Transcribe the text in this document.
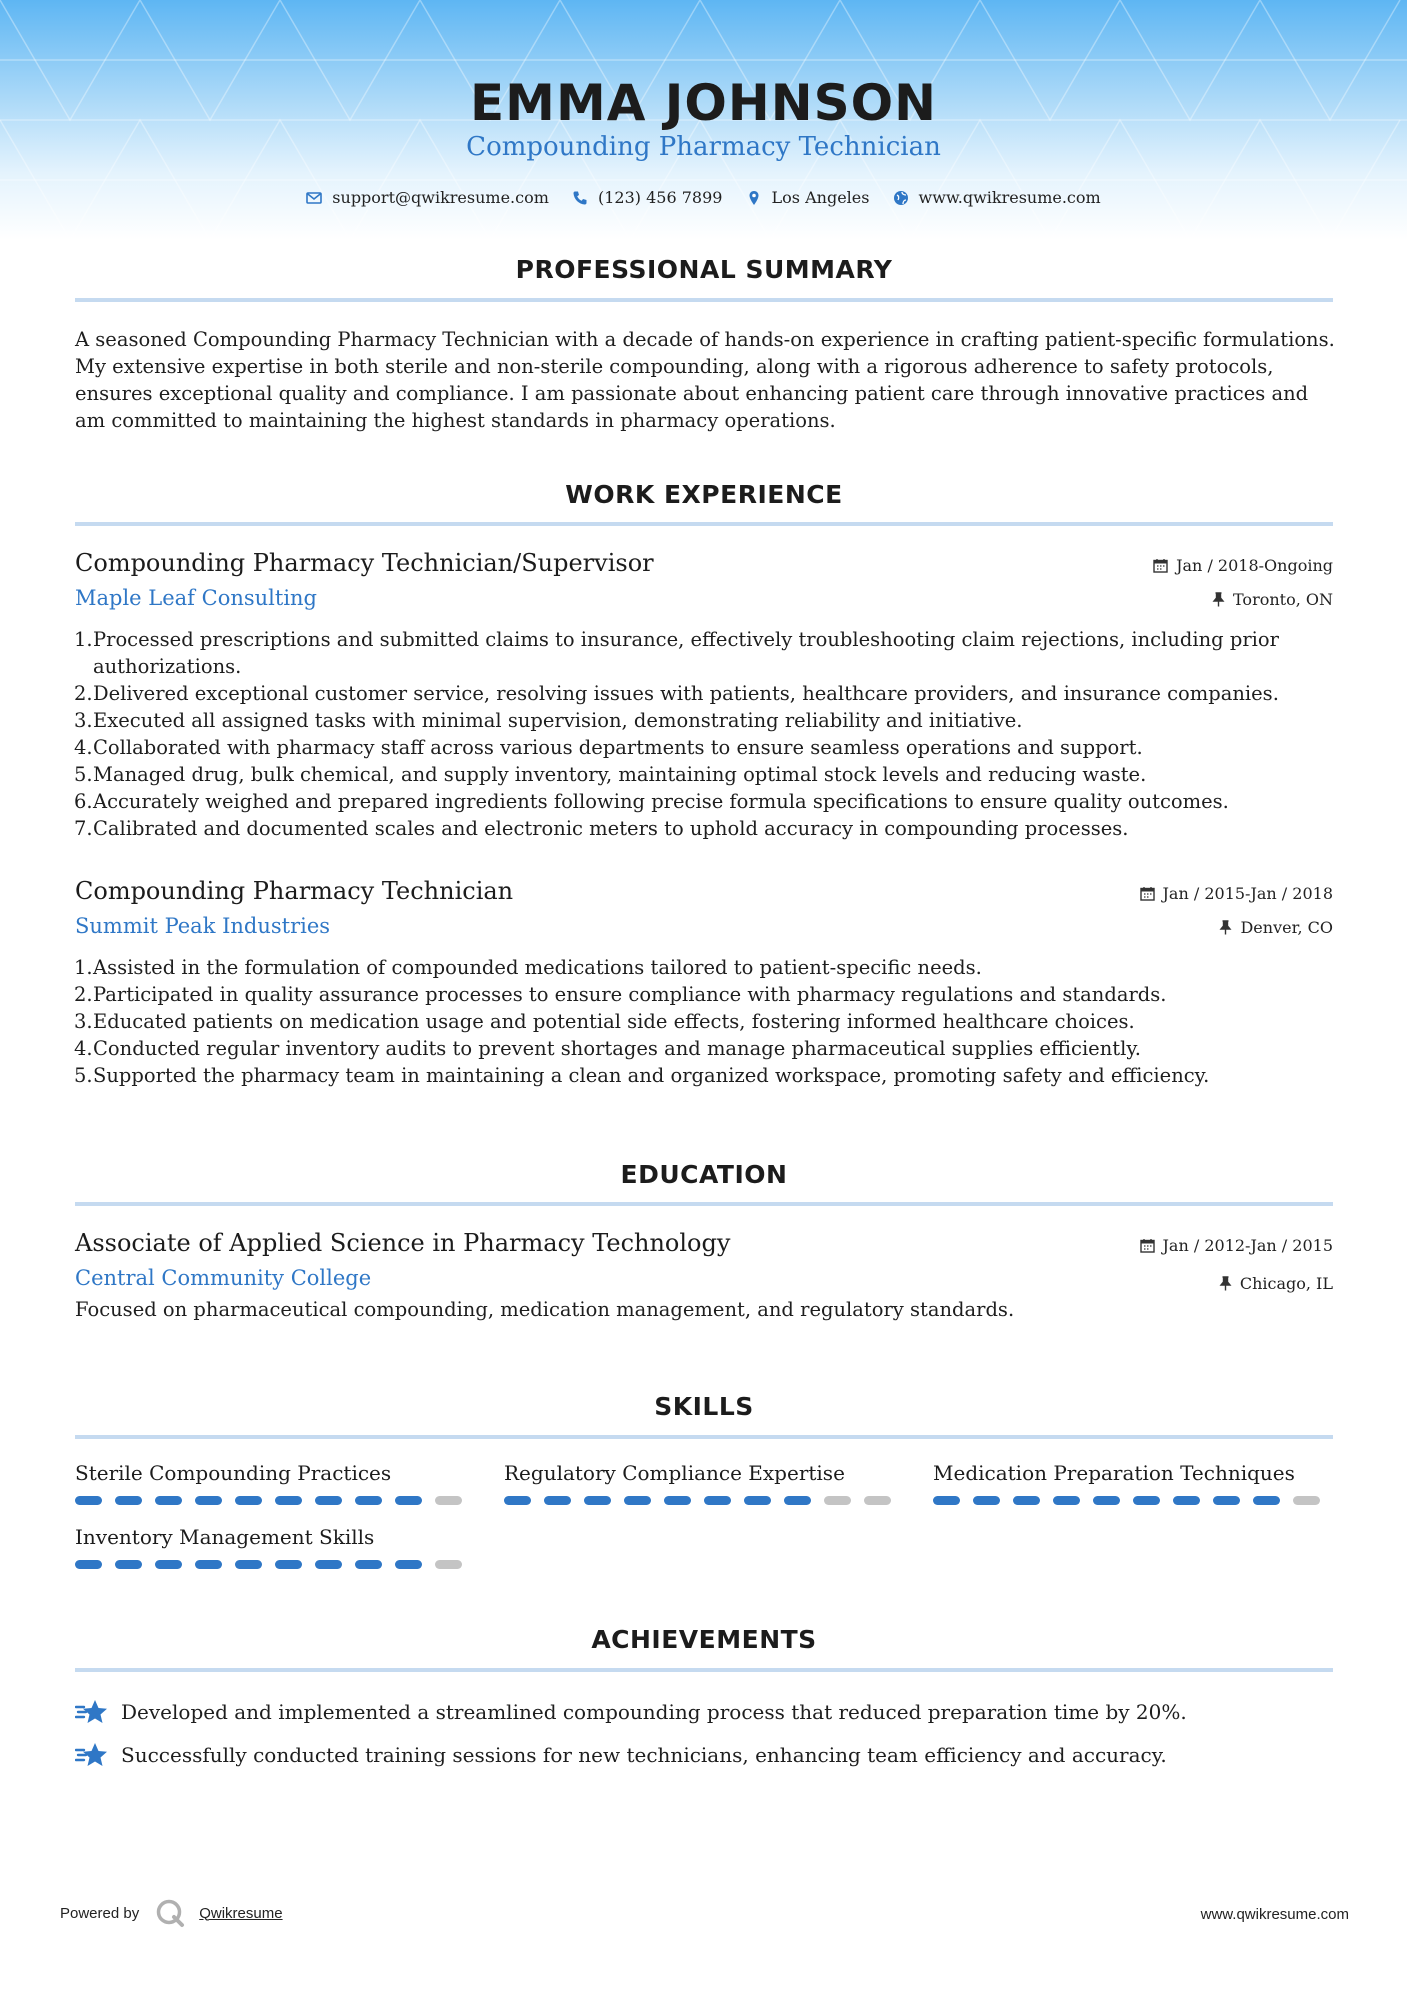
EMMA JOHNSON
Compounding Pharmacy Technician
support@qwikresume.com
	(123) 456 7899
	Los Angeles
	www.qwikresume.com
PROFESSIONAL SUMMARY
A seasoned Compounding Pharmacy Technician with a decade of hands-on experience in crafting patient-specific formulations. My extensive expertise in both sterile and non-sterile compounding, along with a rigorous adherence to safety protocols, ensures exceptional quality and compliance. I am passionate about enhancing patient care through innovative practices and am committed to maintaining the highest standards in pharmacy operations.
WORK EXPERIENCE
Compounding Pharmacy Technician/Supervisor
Maple Leaf Consulting
Jan / 2018-Ongoing
Toronto, ON
1. Processed prescriptions and submitted claims to insurance, effectively troubleshooting claim rejections, including prior authorizations.
2. Delivered exceptional customer service, resolving issues with patients, healthcare providers, and insurance companies.
3. Executed all assigned tasks with minimal supervision, demonstrating reliability and initiative.
4. Collaborated with pharmacy staff across various departments to ensure seamless operations and support.
5. Managed drug, bulk chemical, and supply inventory, maintaining optimal stock levels and reducing waste.
6. Accurately weighed and prepared ingredients following precise formula specifications to ensure quality outcomes.
7. Calibrated and documented scales and electronic meters to uphold accuracy in compounding processes.
Compounding Pharmacy Technician
Summit Peak Industries
Jan / 2015-Jan / 2018
Denver, CO
1. Assisted in the formulation of compounded medications tailored to patient-specific needs.
2. Participated in quality assurance processes to ensure compliance with pharmacy regulations and standards.
3. Educated patients on medication usage and potential side effects, fostering informed healthcare choices.
4. Conducted regular inventory audits to prevent shortages and manage pharmaceutical supplies efficiently.
5. Supported the pharmacy team in maintaining a clean and organized workspace, promoting safety and efficiency.
EDUCATION
Associate of Applied Science in Pharmacy Technology
Central Community College
Jan / 2012-Jan / 2015
Chicago, IL
Focused on pharmaceutical compounding, medication management, and regulatory standards.
SKILLS
Sterile Compounding Practices	Regulatory Compliance Expertise	Medication Preparation Techniques
Inventory Management Skills
ACHIEVEMENTS
Developed and implemented a streamlined compounding process that reduced preparation time by 20%.
Successfully conducted training sessions for new technicians, enhancing team efficiency and accuracy.
Powered by	Qwikresume	www.qwikresume.com
